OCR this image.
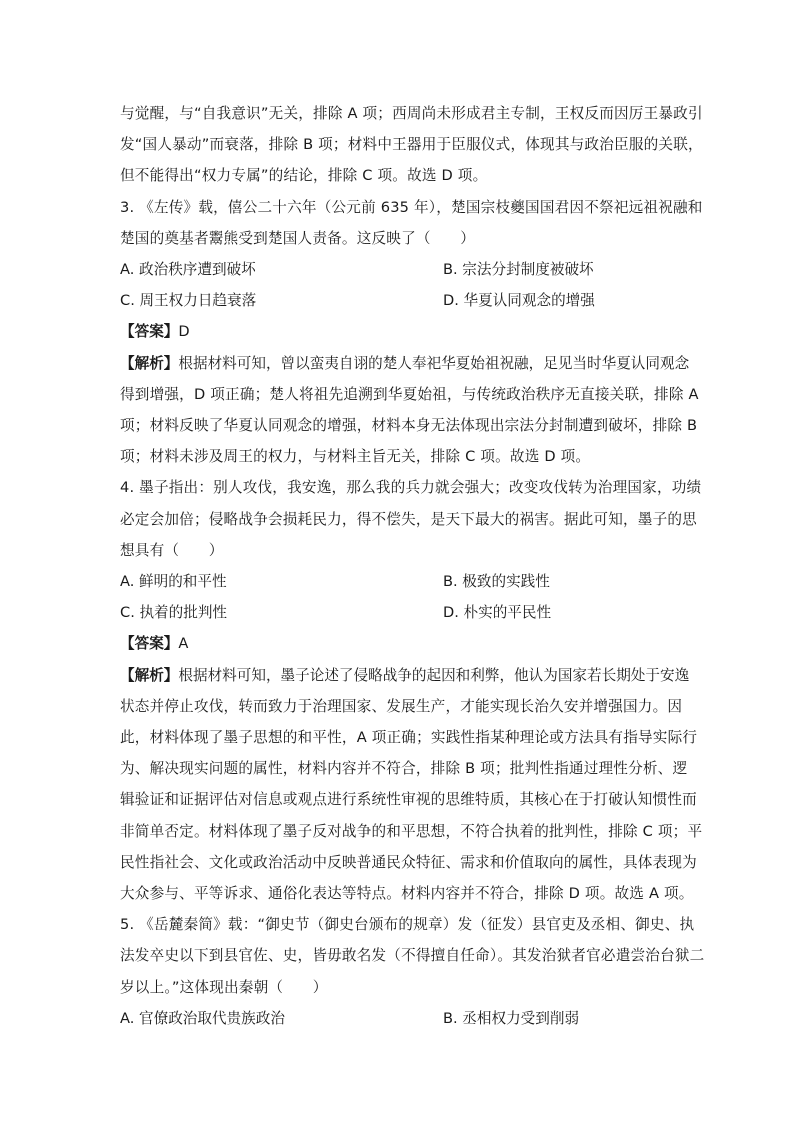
与觉醒，与“自我意识”无关，排除 A 项；西周尚未形成君主专制，王权反而因厉王暴政引
发“国人暴动”而衰落，排除 B 项；材料中王器用于臣服仪式，体现其与政治臣服的关联，
但不能得出“权力专属”的结论，排除 C 项。故选 D 项。
3. 《左传》载，僖公二十六年（公元前 635 年），楚国宗枝夔国国君因不祭祀远祖祝融和
楚国的奠基者鬻熊受到楚国人责备。这反映了（　　）
A. 政治秩序遭到破坏	B. 宗法分封制度被破坏
C. 周王权力日趋衰落	D. 华夏认同观念的增强
【答案】D
【解析】根据材料可知，曾以蛮夷自诩的楚人奉祀华夏始祖祝融，足见当时华夏认同观念
得到增强，D 项正确；楚人将祖先追溯到华夏始祖，与传统政治秩序无直接关联，排除 A
项；材料反映了华夏认同观念的增强，材料本身无法体现出宗法分封制遭到破坏，排除 B
项；材料未涉及周王的权力，与材料主旨无关，排除 C 项。故选 D 项。
4. 墨子指出：别人攻伐，我安逸，那么我的兵力就会强大；改变攻伐转为治理国家，功绩
必定会加倍；侵略战争会损耗民力，得不偿失，是天下最大的祸害。据此可知，墨子的思
想具有（　　）
A. 鲜明的和平性	B. 极致的实践性
C. 执着的批判性	D. 朴实的平民性
【答案】A
【解析】根据材料可知，墨子论述了侵略战争的起因和利弊，他认为国家若长期处于安逸
状态并停止攻伐，转而致力于治理国家、发展生产，才能实现长治久安并增强国力。因
此，材料体现了墨子思想的和平性，A 项正确；实践性指某种理论或方法具有指导实际行
为、解决现实问题的属性，材料内容并不符合，排除 B 项；批判性指通过理性分析、逻
辑验证和证据评估对信息或观点进行系统性审视的思维特质，其核心在于打破认知惯性而
非简单否定。材料体现了墨子反对战争的和平思想，不符合执着的批判性，排除 C 项；平
民性指社会、文化或政治活动中反映普通民众特征、需求和价值取向的属性，具体表现为
大众参与、平等诉求、通俗化表达等特点。材料内容并不符合，排除 D 项。故选 A 项。
5. 《岳麓秦简》载：“御史节（御史台颁布的规章）发（征发）县官吏及丞相、御史、执
法发卒史以下到县官佐、史，皆毋敢名发（不得擅自任命）。其发治狱者官必遣尝治台狱二
岁以上。”这体现出秦朝（　　）
A. 官僚政治取代贵族政治	B. 丞相权力受到削弱
